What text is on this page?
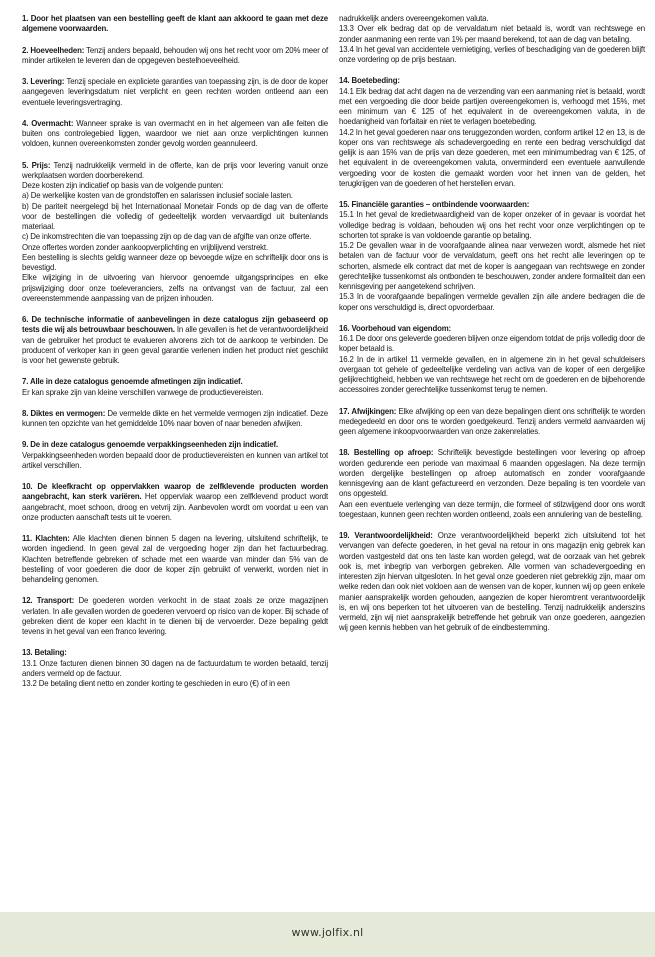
1. Door het plaatsen van een bestelling geeft de klant aan akkoord te gaan met deze algemene voorwaarden.

2. Hoeveelheden: Tenzij anders bepaald, behouden wij ons het recht voor om 20% meer of minder artikelen te leveren dan de opgegeven bestelhoeveelheid.

3. Levering: Tenzij speciale en expliciete garanties van toepassing zijn, is de door de koper aangegeven leveringsdatum niet verplicht en geen rechten worden ontleend aan een eventuele leveringsvertraging.

4. Overmacht: Wanneer sprake is van overmacht en in het algemeen van alle feiten die buiten ons controlegebied liggen, waardoor we niet aan onze verplichtingen kunnen voldoen, kunnen overeenkomsten zonder gevolg worden geannuleerd.

5. Prijs: Tenzij nadrukkelijk vermeld in de offerte, kan de prijs voor levering vanuit onze werkplaatsen worden doorberekend.

Deze kosten zijn indicatief op basis van de volgende punten:

a) De werkelijke kosten van de grondstoffen en salarissen inclusief sociale lasten.

b) De pariteit neergelegd bij het Internationaal Monetair Fonds op de dag van de offerte voor de bestellingen die volledig of gedeeltelijk worden vervaardigd uit buitenlands materiaal.

c) De inkomstrechten die van toepassing zijn op de dag van de afgifte van onze offerte.

Onze offertes worden zonder aankoopverplichting en vrijblijvend verstrekt.

Een bestelling is slechts geldig wanneer deze op bevoegde wijze en schriftelijk door ons is bevestigd.

Elke wijziging in de uitvoering van hiervoor genoemde uitgangsprincipes en elke prijswijziging door onze toeleveranciers, zelfs na ontvangst van de factuur, zal een overeenstemmende aanpassing van de prijzen inhouden.

6. De technische informatie of aanbevelingen in deze catalogus zijn gebaseerd op tests die wij als betrouwbaar beschouwen. In alle gevallen is het de verantwoordelijkheid van de gebruiker het product te evalueren alvorens zich tot de aankoop te verbinden. De producent of verkoper kan in geen geval garantie verlenen indien het product niet geschikt is voor het gewenste gebruik.

7. Alle in deze catalogus genoemde afmetingen zijn indicatief.

Er kan sprake zijn van kleine verschillen vanwege de productievereisten.

8. Diktes en vermogen: De vermelde dikte en het vermelde vermogen zijn indicatief. Deze kunnen ten opzichte van het gemiddelde 10% naar boven of naar beneden afwijken.

9. De in deze catalogus genoemde verpakkingseenheden zijn indicatief.

Verpakkingseenheden worden bepaald door de productievereisten en kunnen van artikel tot artikel verschillen.

10. De kleefkracht op oppervlakken waarop de zelfklevende producten worden aangebracht, kan sterk variëren. Het oppervlak waarop een zelfklevend product wordt aangebracht, moet schoon, droog en vetvrij zijn. Aanbevolen wordt om voordat u een van onze producten aanschaft tests uit te voeren.

11. Klachten: Alle klachten dienen binnen 5 dagen na levering, uitsluitend schriftelijk, te worden ingediend. In geen geval zal de vergoeding hoger zijn dan het factuurbedrag. Klachten betreffende gebreken of schade met een waarde van minder dan 5% van de bestelling of voor goederen die door de koper zijn gebruikt of verwerkt, worden niet in behandeling genomen.

12. Transport: De goederen worden verkocht in de staat zoals ze onze magazijnen verlaten. In alle gevallen worden de goederen vervoerd op risico van de koper. Bij schade of gebreken dient de koper een klacht in te dienen bij de vervoerder. Deze bepaling geldt tevens in het geval van een franco levering.

13. Betaling:

13.1 Onze facturen dienen binnen 30 dagen na de factuurdatum te worden betaald, tenzij anders vermeld op de factuur.

13.2 De betaling dient netto en zonder korting te geschieden in euro (€) of in een

nadrukkelijk anders overeengekomen valuta.

13.3 Over elk bedrag dat op de vervaldatum niet betaald is, wordt van rechtswege en zonder aanmaning een rente van 1% per maand berekend, tot aan de dag van betaling.

13.4 In het geval van accidentele vernietiging, verlies of beschadiging van de goederen blijft onze vordering op de prijs bestaan.

14. Boetebeding:

14.1 Elk bedrag dat acht dagen na de verzending van een aanmaning niet is betaald, wordt met een vergoeding die door beide partijen overeengekomen is, verhoogd met 15%, met een minimum van € 125 of het equivalent in de overeengekomen valuta, in de hoedanigheid van forfaitair en niet te verlagen boetebeding.

14.2 In het geval goederen naar ons teruggezonden worden, conform artikel 12 en 13, is de koper ons van rechtswege als schadevergoeding en rente een bedrag verschuldigd dat gelijk is aan 15% van de prijs van deze goederen, met een minimumbedrag van € 125, of het equivalent in de overeengekomen valuta, onverminderd een eventuele aanvullende vergoeding voor de kosten die gemaakt worden voor het innen van de gelden, het terugkrijgen van de goederen of het herstellen ervan.

15. Financiële garanties – ontbindende voorwaarden:

15.1 In het geval de kredietwaardigheid van de koper onzeker of in gevaar is voordat het volledige bedrag is voldaan, behouden wij ons het recht voor onze verplichtingen op te schorten tot sprake is van voldoende garantie op betaling.

15.2 De gevallen waar in de voorafgaande alinea naar verwezen wordt, alsmede het niet betalen van de factuur voor de vervaldatum, geeft ons het recht alle leveringen op te schorten, alsmede elk contract dat met de koper is aangegaan van rechtswege en zonder gerechtelijke tussenkomst als ontbonden te beschouwen, zonder andere formaliteit dan een kennisgeving per aangetekend schrijven.

15.3 In de voorafgaande bepalingen vermelde gevallen zijn alle andere bedragen die de koper ons verschuldigd is, direct opvorderbaar.

16. Voorbehoud van eigendom:

16.1 De door ons geleverde goederen blijven onze eigendom totdat de prijs volledig door de koper betaald is.

16.2 In de in artikel 11 vermelde gevallen, en in algemene zin in het geval schuldeisers overgaan tot gehele of gedeeltelijke verdeling van activa van de koper of een dergelijke gelijkrechtigheid, hebben we van rechtswege het recht om de goederen en de bijbehorende accessoires zonder gerechtelijke tussenkomst terug te nemen.

17. Afwijkingen: Elke afwijking op een van deze bepalingen dient ons schriftelijk te worden medegedeeld en door ons te worden goedgekeurd. Tenzij anders vermeld aanvaarden wij geen algemene inkoopvoorwaarden van onze zakenrelaties.

18. Bestelling op afroep: Schriftelijk bevestigde bestellingen voor levering op afroep worden gedurende een periode van maximaal 6 maanden opgeslagen. Na deze termijn worden dergelijke bestellingen op afroep automatisch en zonder voorafgaande kennisgeving aan de klant gefactureerd en verzonden. Deze bepaling is ten voordele van ons opgesteld.

Aan een eventuele verlenging van deze termijn, die formeel of stilzwijgend door ons wordt toegestaan, kunnen geen rechten worden ontleend, zoals een annulering van de bestelling.

19. Verantwoordelijkheid: Onze verantwoordelijkheid beperkt zich uitsluitend tot het vervangen van defecte goederen, in het geval na retour in ons magazijn enig gebrek kan worden vastgesteld dat ons ten laste kan worden gelegd, wat de oorzaak van het gebrek ook is, met inbegrip van verborgen gebreken. Alle vormen van schadevergoeding en interesten zijn hiervan uitgesloten. In het geval onze goederen niet gebrekkig zijn, maar om welke reden dan ook niet voldoen aan de wensen van de koper, kunnen wij op geen enkele manier aansprakelijk worden gehouden, aangezien de koper hieromtrent verantwoordelijk is, en wij ons beperken tot het uitvoeren van de bestelling. Tenzij nadrukkelijk anderszins vermeld, zijn wij niet aansprakelijk betreffende het gebruik van onze goederen, aangezien wij geen kennis hebben van het gebruik of de eindbestemming.

www.jolfix.nl
